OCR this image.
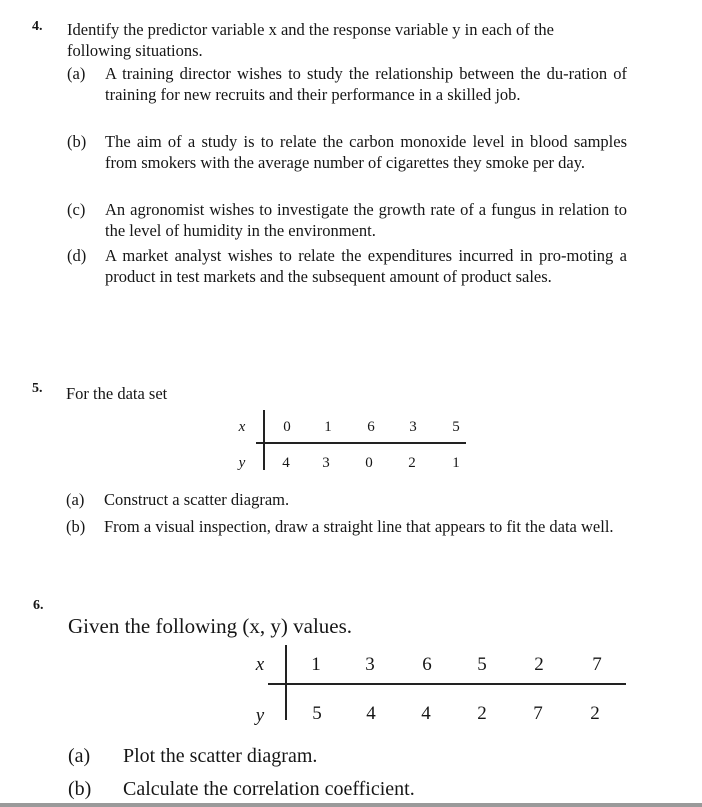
4. Identify the predictor variable x and the response variable y in each of the following situations.
(a) A training director wishes to study the relationship between the du-ration of training for new recruits and their performance in a skilled job.
(b) The aim of a study is to relate the carbon monoxide level in blood samples from smokers with the average number of cigarettes they smoke per day.
(c) An agronomist wishes to investigate the growth rate of a fungus in relation to the level of humidity in the environment.
(d) A market analyst wishes to relate the expenditures incurred in pro-moting a product in test markets and the subsequent amount of product sales.
5. For the data set
x	0	1	6	3	5
y	4	3	0	2	1
(a) Construct a scatter diagram.
(b) From a visual inspection, draw a straight line that appears to fit the data well.
6.
Given the following (x, y) values.
x	1	3	6	5	2	7
y	5	4	4	2	7	2
(a) Plot the scatter diagram.
(b) Calculate the correlation coefficient.
